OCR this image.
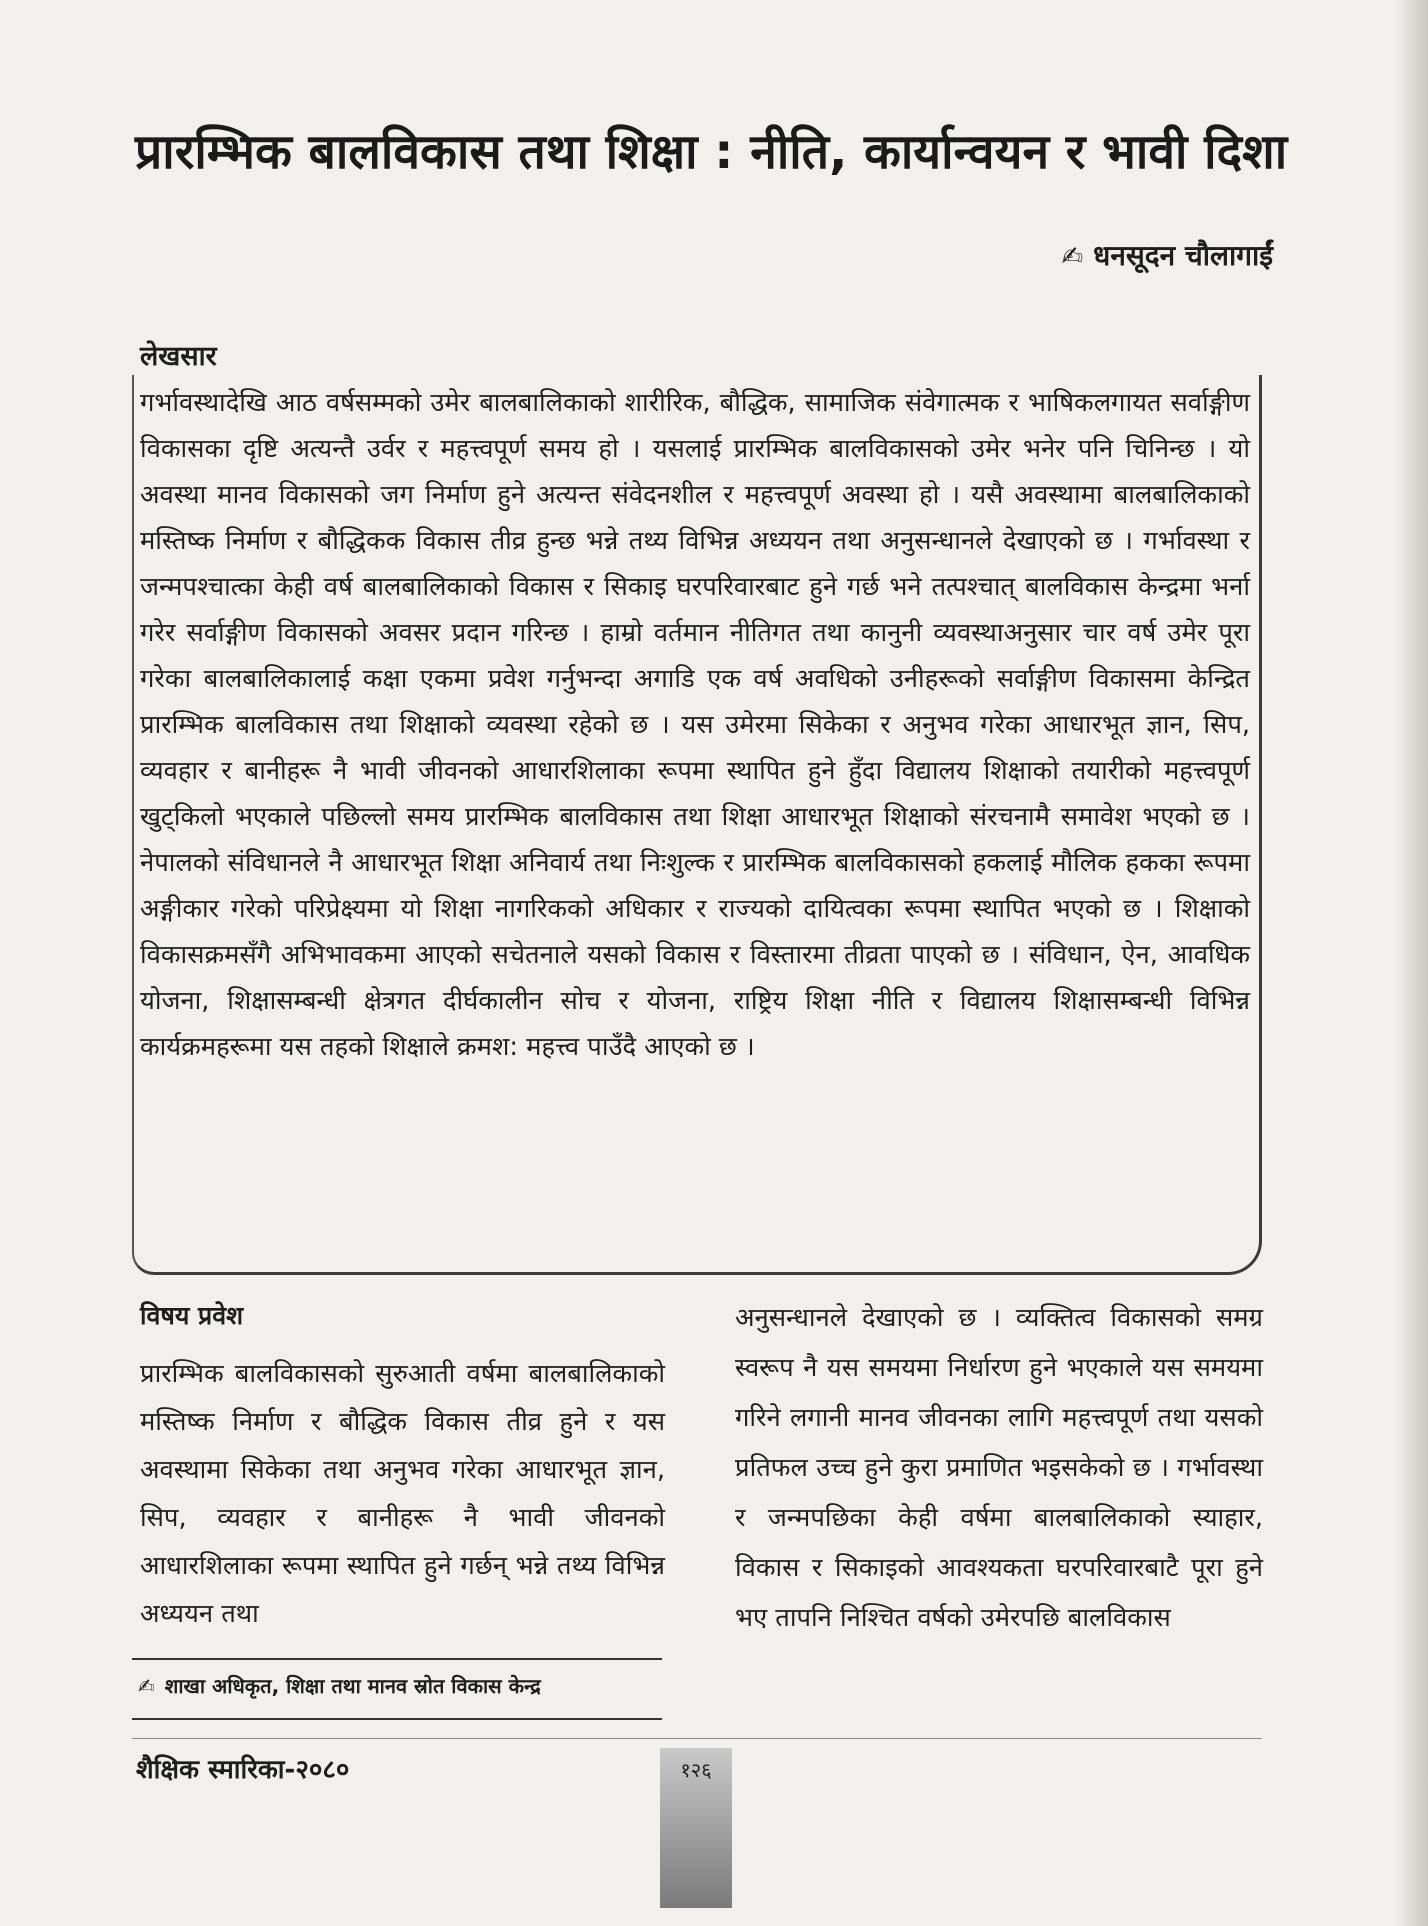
प्रारम्भिक बालविकास तथा शिक्षा : नीति, कार्यान्वयन र भावी दिशा
✍ धनसूदन चौलागाईं
लेखसार

गर्भावस्थादेखि आठ वर्षसम्मको उमेर बालबालिकाको शारीरिक, बौद्धिक, सामाजिक संवेगात्मक र भाषिकलगायत सर्वाङ्गीण विकासका दृष्टि अत्यन्तै उर्वर र महत्त्वपूर्ण समय हो । यसलाई प्रारम्भिक बालविकासको उमेर भनेर पनि चिनिन्छ । यो अवस्था मानव विकासको जग निर्माण हुने अत्यन्त संवेदनशील र महत्त्वपूर्ण अवस्था हो । यसै अवस्थामा बालबालिकाको मस्तिष्क निर्माण र बौद्धिकक विकास तीव्र हुन्छ भन्ने तथ्य विभिन्न अध्ययन तथा अनुसन्धानले देखाएको छ । गर्भावस्था र जन्मपश्चात्का केही वर्ष बालबालिकाको विकास र सिकाइ घरपरिवारबाट हुने गर्छ भने तत्पश्चात् बालविकास केन्द्रमा भर्ना गरेर सर्वाङ्गीण विकासको अवसर प्रदान गरिन्छ । हाम्रो वर्तमान नीतिगत तथा कानुनी व्यवस्थाअनुसार चार वर्ष उमेर पूरा गरेका बालबालिकालाई कक्षा एकमा प्रवेश गर्नुभन्दा अगाडि एक वर्ष अवधिको उनीहरूको सर्वाङ्गीण विकासमा केन्द्रित प्रारम्भिक बालविकास तथा शिक्षाको व्यवस्था रहेको छ । यस उमेरमा सिकेका र अनुभव गरेका आधारभूत ज्ञान, सिप, व्यवहार र बानीहरू नै भावी जीवनको आधारशिलाका रूपमा स्थापित हुने हुँदा विद्यालय शिक्षाको तयारीको महत्त्वपूर्ण खुट्किलो भएकाले पछिल्लो समय प्रारम्भिक बालविकास तथा शिक्षा आधारभूत शिक्षाको संरचनामै समावेश भएको छ । नेपालको संविधानले नै आधारभूत शिक्षा अनिवार्य तथा निःशुल्क र प्रारम्भिक बालविकासको हकलाई मौलिक हकका रूपमा अङ्गीकार गरेको परिप्रेक्ष्यमा यो शिक्षा नागरिकको अधिकार र राज्यको दायित्वका रूपमा स्थापित भएको छ । शिक्षाको विकासक्रमसँगै अभिभावकमा आएको सचेतनाले यसको विकास र विस्तारमा तीव्रता पाएको छ । संविधान, ऐन, आवधिक योजना, शिक्षासम्बन्धी क्षेत्रगत दीर्घकालीन सोच र योजना, राष्ट्रिय शिक्षा नीति र विद्यालय शिक्षासम्बन्धी विभिन्न कार्यक्रमहरूमा यस तहको शिक्षाले क्रमश: महत्त्व पाउँदै आएको छ ।

विषय प्रवेश

प्रारम्भिक बालविकासको सुरुआती वर्षमा बालबालिकाको मस्तिष्क निर्माण र बौद्धिक विकास तीव्र हुने र यस अवस्थामा सिकेका तथा अनुभव गरेका आधारभूत ज्ञान, सिप, व्यवहार र बानीहरू नै भावी जीवनको आधारशिलाका रूपमा स्थापित हुने गर्छन् भन्ने तथ्य विभिन्न अध्ययन तथा

अनुसन्धानले देखाएको छ । व्यक्तित्व विकासको समग्र स्वरूप नै यस समयमा निर्धारण हुने भएकाले यस समयमा गरिने लगानी मानव जीवनका लागि महत्त्वपूर्ण तथा यसको प्रतिफल उच्च हुने कुरा प्रमाणित भइसकेको छ । गर्भावस्था र जन्मपछिका केही वर्षमा बालबालिकाको स्याहार, विकास र सिकाइको आवश्यकता घरपरिवारबाटै पूरा हुने भए तापनि निश्चित वर्षको उमेरपछि बालविकास

✍ शाखा अधिकृत, शिक्षा तथा मानव स्रोत विकास केन्द्र
शैक्षिक स्मारिका-२०८०	१२६
